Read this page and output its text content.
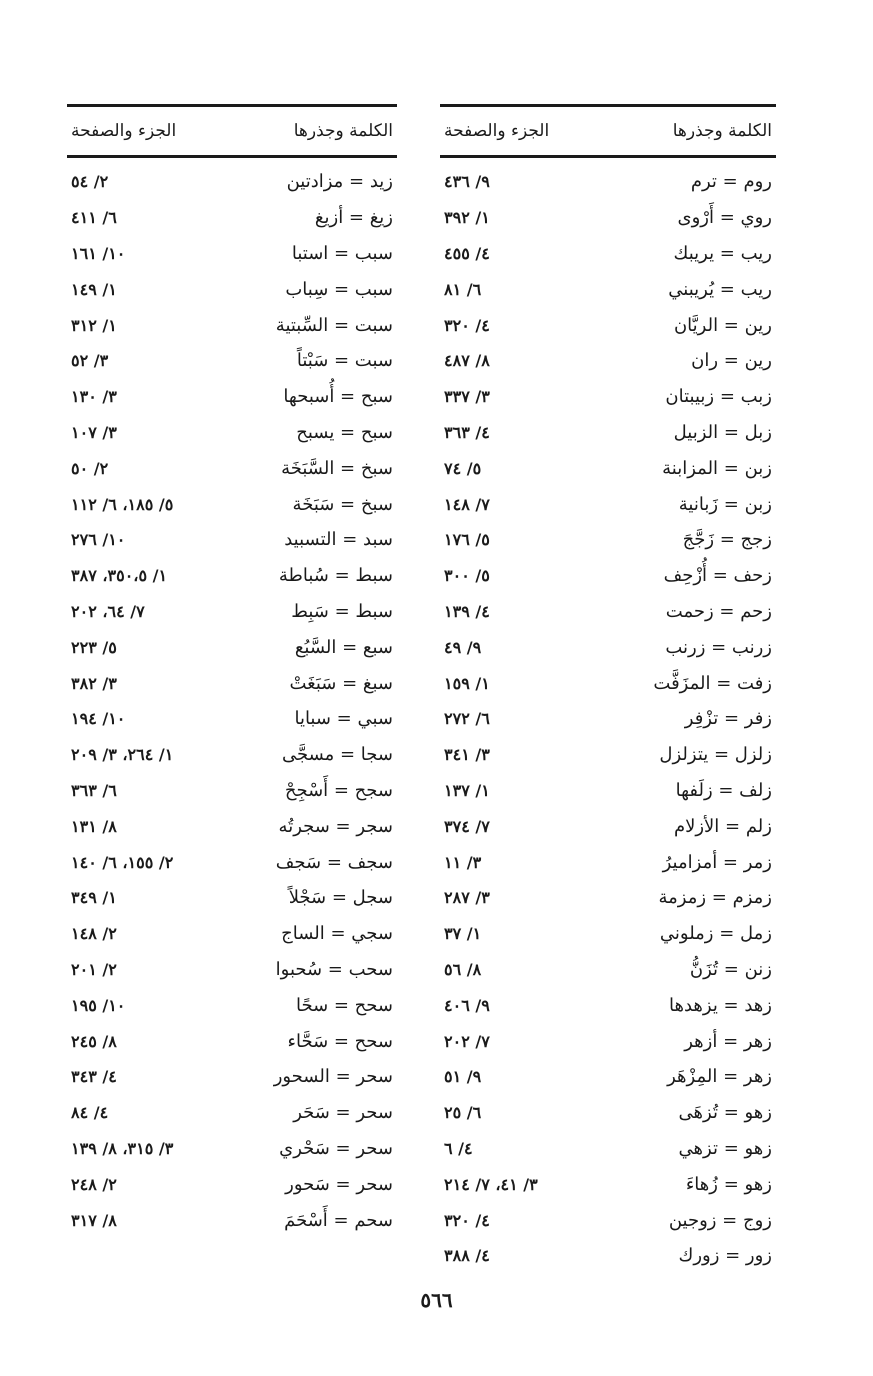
الكلمة وجذرها
الجزء والصفحة
روم = ترم
٩/ ٤٣٦
روي = أَرْوى
١/ ٣٩٢
ريب = يريبك
٤/ ٤٥٥
ريب = يُريبني
٦/ ٨١
رين = الريَّان
٤/ ٣٢٠
رين = ران
٨/ ٤٨٧
زبب = زبيبتان
٣/ ٣٣٧
زبل = الزبيل
٤/ ٣٦٣
زبن = المزابنة
٥/ ٧٤
زبن = زَبانية
٧/ ١٤٨
زجج = زَجَّجَ
٥/ ١٧٦
زحف = أُزْحِف
٥/ ٣٠٠
زحم = زحمت
٤/ ١٣٩
زرنب = زرنب
٩/ ٤٩
زفت = المزَفَّت
١/ ١٥٩
زفر = تزْفِر
٦/ ٢٧٢
زلزل = يتزلزل
٣/ ٣٤١
زلف = زلَفها
١/ ١٣٧
زلم = الأزلام
٧/ ٣٧٤
زمر = أمزاميرُ
٣/ ١١
زمزم = زمزمة
٣/ ٢٨٧
زمل = زملوني
١/ ٣٧
زنن = تُزَنُّ
٨/ ٥٦
زهد = يزهدها
٩/ ٤٠٦
زهر = أزهر
٧/ ٢٠٢
زهر = المِزْهَر
٩/ ٥١
زهو = تُزهَى
٦/ ٢٥
زهو = تزهي
٤/ ٦
زهو = زُهاءَ
٣/ ٤١، ٧/ ٢١٤
زوج = زوجين
٤/ ٣٢٠
زور = زورك
٤/ ٣٨٨
الكلمة وجذرها
الجزء والصفحة
زيد = مزادتين
٢/ ٥٤
زيغ = أزيغ
٦/ ٤١١
سبب = استبا
١٠/ ١٦١
سبب = سِباب
١/ ١٤٩
سبت = السِّبتية
١/ ٣١٢
سبت = سَبْتاً
٣/ ٥٢
سبح = أُسبحها
٣/ ١٣٠
سبح = يسبح
٣/ ١٠٧
سبخ = السَّبَخَة
٢/ ٥٠
سبخ = سَبَخَة
٥/ ١٨٥، ٦/ ١١٢
سبد = التسبيد
١٠/ ٢٧٦
سبط = سُباطة
١/ ٣٥٠،٥، ٣٨٧
سبط = سَبِط
٧/ ٦٤، ٢٠٢
سبع = السَّبُع
٥/ ٢٢٣
سبغ = سَبَغَتْ
٣/ ٣٨٢
سبي = سبايا
١٠/ ١٩٤
سجا = مسجَّى
١/ ٢٦٤، ٣/ ٢٠٩
سجح = أَسْجِحْ
٦/ ٣٦٣
سجر = سجرتُه
٨/ ١٣١
سجف = سَجف
٢/ ١٥٥، ٦/ ١٤٠
سجل = سَجْلاً
١/ ٣٤٩
سجي = الساج
٢/ ١٤٨
سحب = سُحبوا
٢/ ٢٠١
سحح = سحًا
١٠/ ١٩٥
سحح = سَحَّاء
٨/ ٢٤٥
سحر = السحور
٤/ ٣٤٣
سحر = سَحَر
٤/ ٨٤
سحر = سَحْري
٣/ ٣١٥، ٨/ ١٣٩
سحر = سَحور
٢/ ٢٤٨
سحم = أَسْحَمَ
٨/ ٣١٧
٥٦٦
